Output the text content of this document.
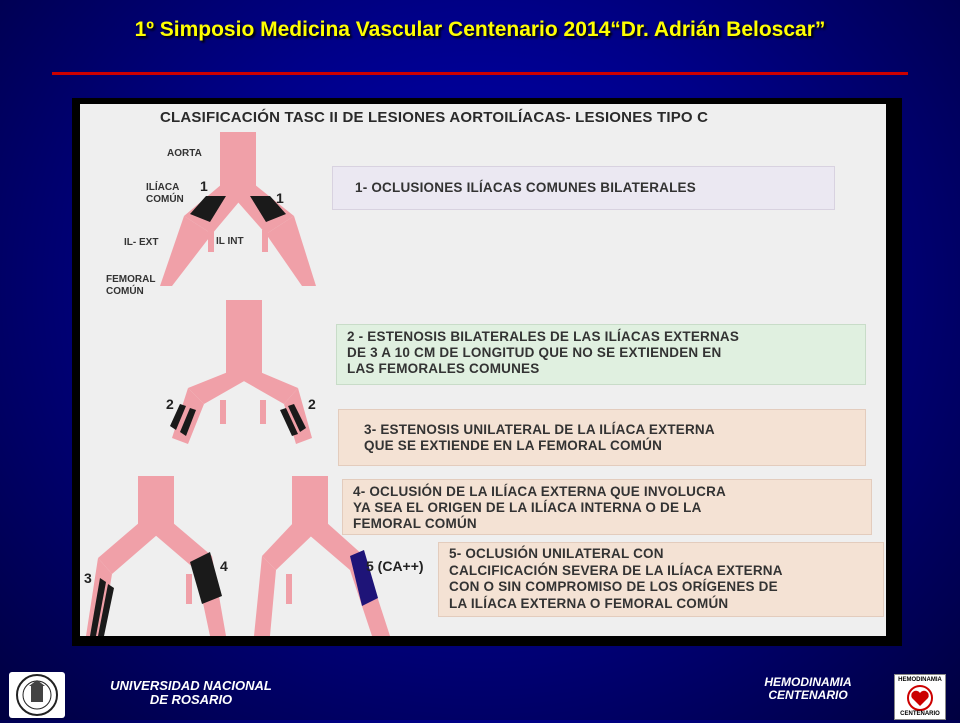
1º Simposio Medicina Vascular Centenario 2014“Dr. Adrián Beloscar”
CLASIFICACIÓN TASC II DE LESIONES AORTOILÍACAS- LESIONES TIPO C
AORTA
ILÍACA
COMÚN
IL- EXT	IL INT
FEMORAL
COMÚN
1
1
2	2
3
4	5 (CA++)
1- OCLUSIONES ILÍACAS COMUNES BILATERALES
2 - ESTENOSIS BILATERALES DE LAS ILÍACAS EXTERNAS
DE 3 A 10 CM DE LONGITUD QUE NO SE EXTIENDEN EN
LAS FEMORALES COMUNES
3- ESTENOSIS UNILATERAL DE LA ILÍACA EXTERNA
QUE SE EXTIENDE EN LA FEMORAL COMÚN
4- OCLUSIÓN DE LA ILÍACA EXTERNA QUE INVOLUCRA
YA SEA EL ORIGEN DE LA ILÍACA INTERNA O DE LA
FEMORAL COMÚN
5- OCLUSIÓN UNILATERAL CON
CALCIFICACIÓN SEVERA DE LA ILÍACA EXTERNA
CON O SIN COMPROMISO DE LOS ORÍGENES DE
LA ILÍACA EXTERNA O FEMORAL COMÚN
UNIVERSIDAD NACIONAL
DE ROSARIO
HEMODINAMIA
CENTENARIO
HEMODINAMIA
CENTENARIO
